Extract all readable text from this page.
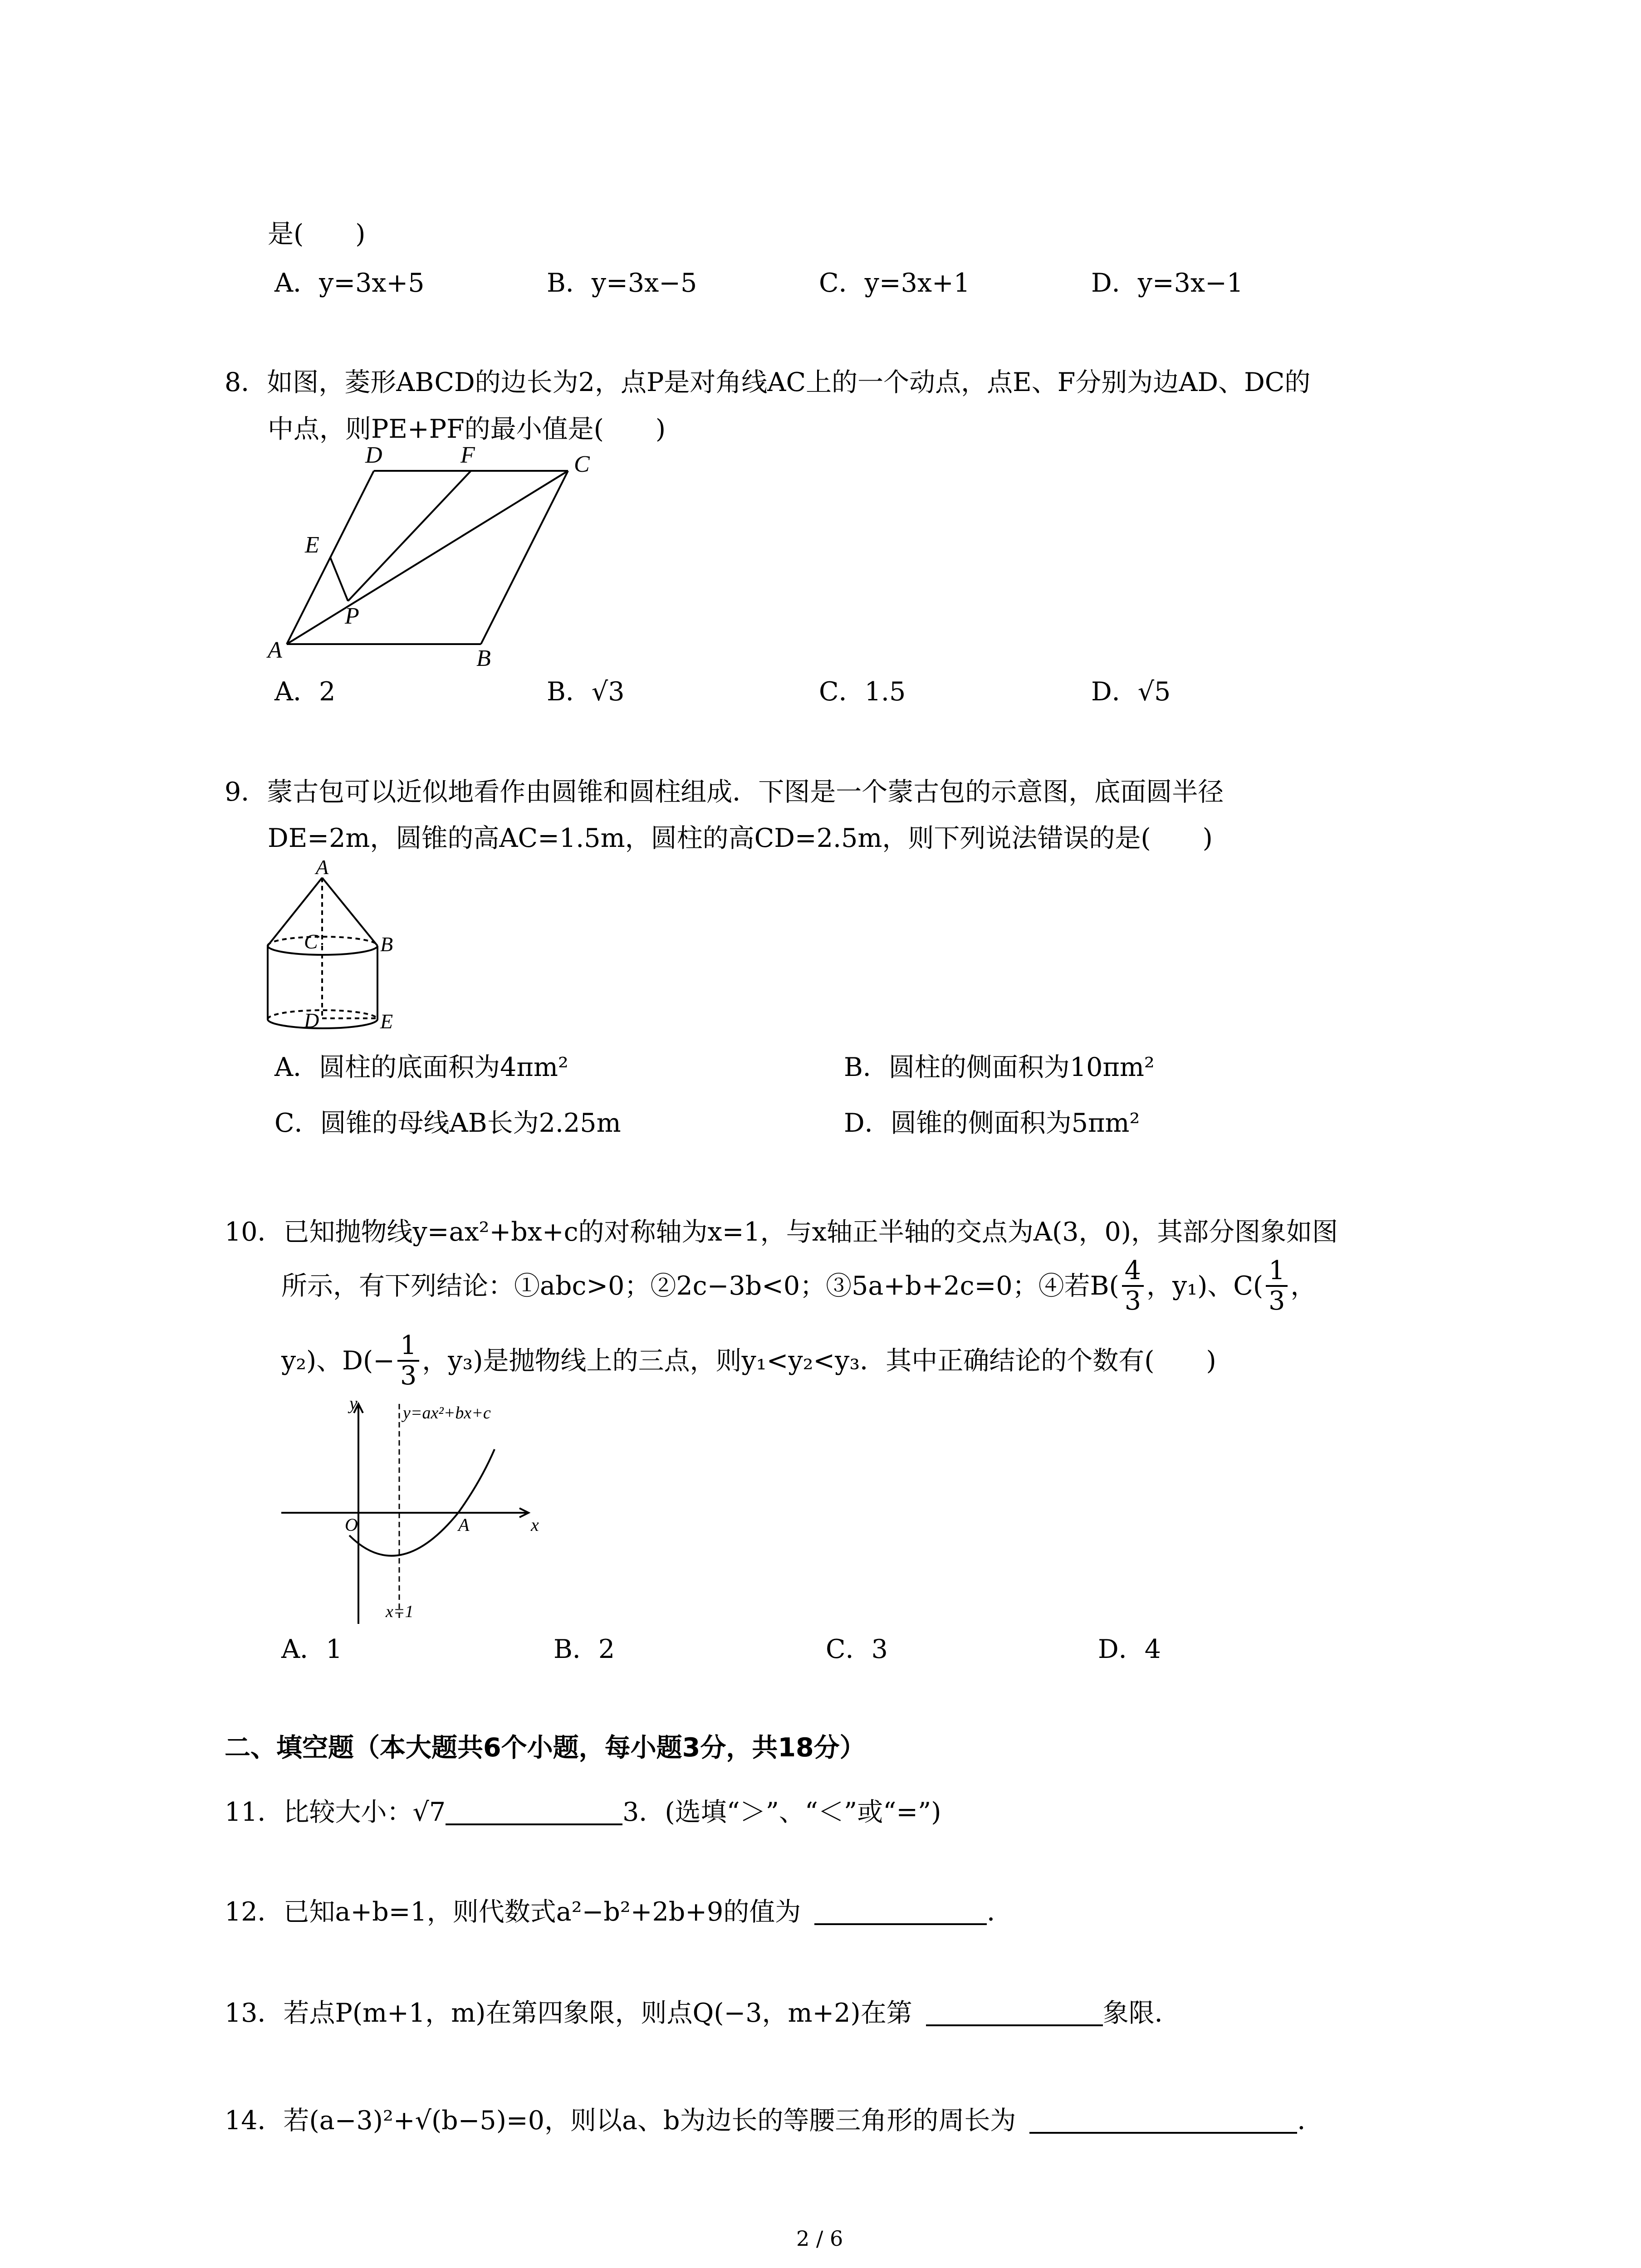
是(　　)
A．y=3x+5	B．y=3x−5	C．y=3x+1	D．y=3x−1
8．如图，菱形ABCD的边长为2，点P是对角线AC上的一个动点，点E、F分别为边AD、DC的
中点，则PE+PF的最小值是(　　)
A	B
C
D
E
F
P
A．2	B．√3	C．1.5	D．√5
9．蒙古包可以近似地看作由圆锥和圆柱组成．下图是一个蒙古包的示意图，底面圆半径
DE=2m，圆锥的高AC=1.5m，圆柱的高CD=2.5m，则下列说法错误的是(　　)
A
B
C
D	E
A．圆柱的底面积为4πm²	B．圆柱的侧面积为10πm²
C．圆锥的母线AB长为2.25m	D．圆锥的侧面积为5πm²
10．已知抛物线y=ax²+bx+c的对称轴为x=1，与x轴正半轴的交点为A(3，0)，其部分图象如图
所示，有下列结论：①abc>0；②2c−3b<0；③5a+b+2c=0；④若$B( \frac{4}{3}$ ，y₁)、$C( \frac{1}{3}$ ，
y₂)、$D(- \frac{1}{3}$ ，y₃)是抛物线上的三点，则y₁<y₂<y₃．其中正确结论的个数有(　　)
y
x
O	A
y=ax²+bx+c
x=1
A．1	B．2	C．3	D．4
二、填空题（本大题共6个小题，每小题3分，共18分）
11．比较大小：√7	3．(选填“＞”、“＜”或“=”)
12．已知a+b=1，则代数式a²−b²+2b+9的值为	．
13．若点P(m+1，m)在第四象限，则点Q(−3，m+2)在第	象限．
14．若(a−3)²+√(b−5)=0，则以a、b为边长的等腰三角形的周长为	．
2 / 6
